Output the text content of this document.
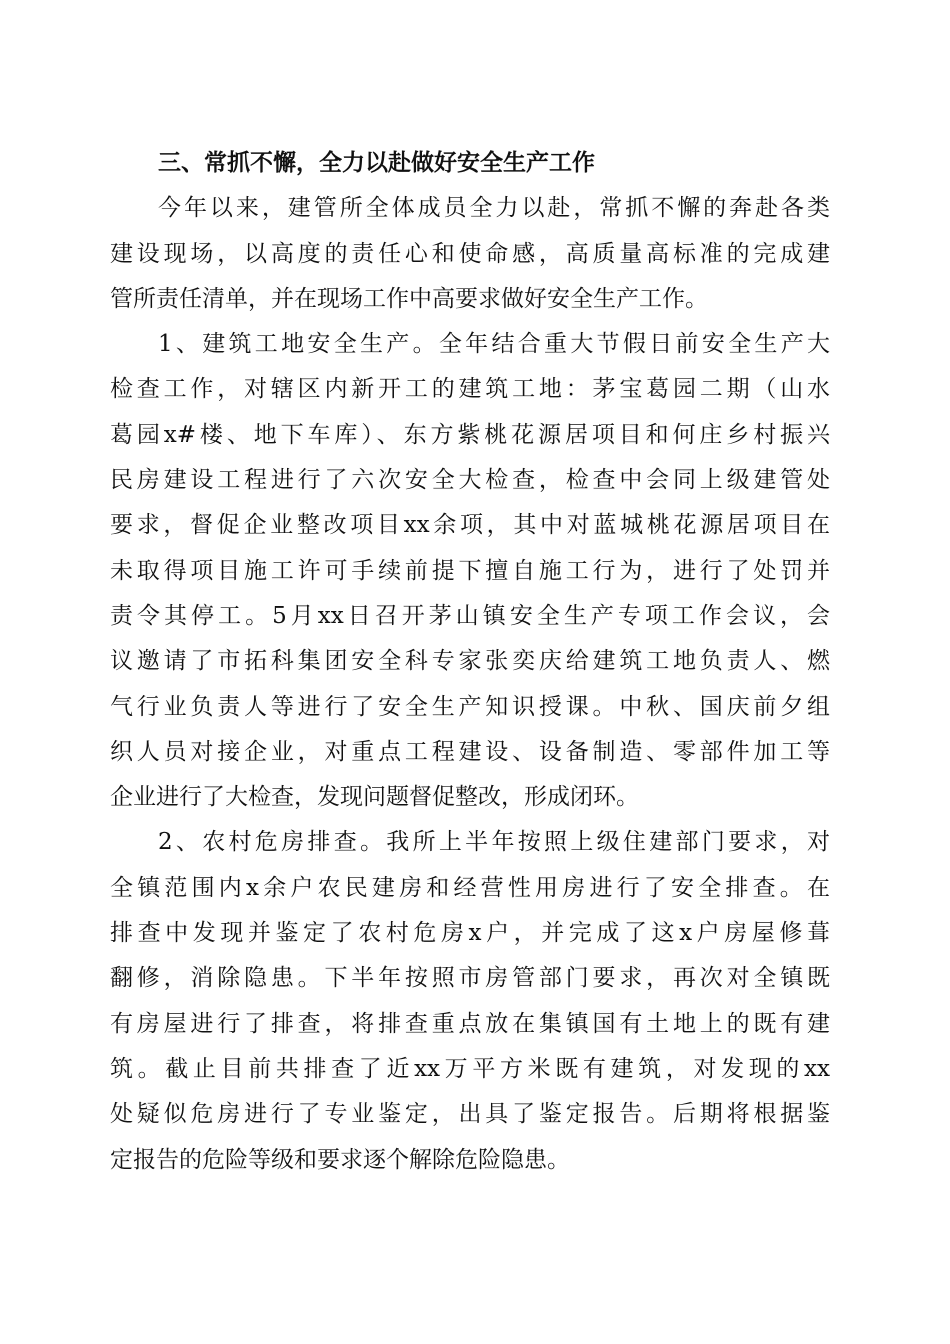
三、常抓不懈，全力以赴做好安全生产工作
今年以来，建管所全体成员全力以赴，常抓不懈的奔赴各类
建设现场，以高度的责任心和使命感，高质量高标准的完成建
管所责任清单，并在现场工作中高要求做好安全生产工作。
1、建筑工地安全生产。全年结合重大节假日前安全生产大
检查工作，对辖区内新开工的建筑工地：茅宝葛园二期（山水
葛园x#楼、地下车库）、东方紫桃花源居项目和何庄乡村振兴
民房建设工程进行了六次安全大检查，检查中会同上级建管处
要求，督促企业整改项目xx余项，其中对蓝城桃花源居项目在
未取得项目施工许可手续前提下擅自施工行为，进行了处罚并
责令其停工。5月xx日召开茅山镇安全生产专项工作会议，会
议邀请了市拓科集团安全科专家张奕庆给建筑工地负责人、燃
气行业负责人等进行了安全生产知识授课。中秋、国庆前夕组
织人员对接企业，对重点工程建设、设备制造、零部件加工等
企业进行了大检查，发现问题督促整改，形成闭环。
2、农村危房排查。我所上半年按照上级住建部门要求，对
全镇范围内x余户农民建房和经营性用房进行了安全排查。在
排查中发现并鉴定了农村危房x户，并完成了这x户房屋修葺
翻修，消除隐患。下半年按照市房管部门要求，再次对全镇既
有房屋进行了排查，将排查重点放在集镇国有土地上的既有建
筑。截止目前共排查了近xx万平方米既有建筑，对发现的xx
处疑似危房进行了专业鉴定，出具了鉴定报告。后期将根据鉴
定报告的危险等级和要求逐个解除危险隐患。
